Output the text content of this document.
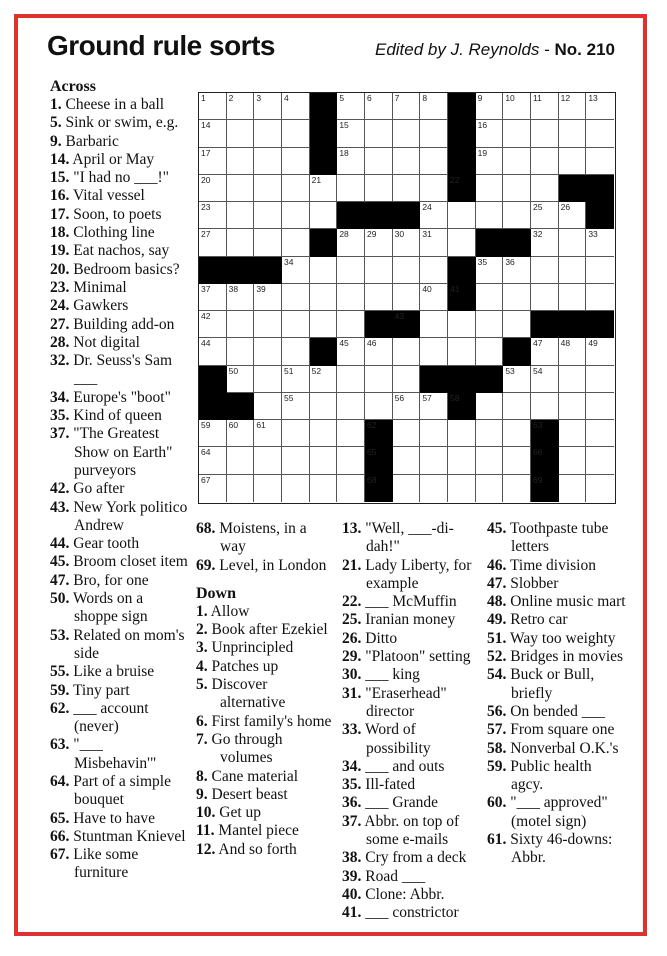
Ground rule sorts	Edited by J. Reynolds - No. 210
Across
1. Cheese in a ball
5. Sink or swim, e.g.
9. Barbaric
14. April or May
15. "I had no ___!"
16. Vital vessel
17. Soon, to poets
18. Clothing line
19. Eat nachos, say
20. Bedroom basics?
23. Minimal
24. Gawkers
27. Building add-on
28. Not digital
32. Dr. Seuss's Sam ___
34. Europe's "boot"
35. Kind of queen
37. "The Greatest Show on Earth" purveyors
42. Go after
43. New York politico Andrew
44. Gear tooth
45. Broom closet item
47. Bro, for one
50. Words on a shoppe sign
53. Related on mom's side
55. Like a bruise
59. Tiny part
62. ___ account (never)
63. "___ Misbehavin'"
64. Part of a simple bouquet
65. Have to have
66. Stuntman Knievel
67. Like some furniture
1	2	3	4	5	6	7	8	9	10 11 12 13
14	15	16
17	18	19
20	21	22
23	24	25 26
27	28 29 30 31	32	33
34	35 36
37 38 39	40 41
42	43
44	45 46	47 48 49
50	51 52	53 54
55	56 57 58
59 60 61	62	63
64	65	66
67	68	69
68. Moistens, in a way
69. Level, in London
Down
1. Allow
2. Book after Ezekiel
3. Unprincipled
4. Patches up
5. Discover alternative
6. First family's home
7. Go through volumes
8. Cane material
9. Desert beast
10. Get up
11. Mantel piece
12. And so forth
13. "Well, ___-di-dah!"
21. Lady Liberty, for example
22. ___ McMuffin
25. Iranian money
26. Ditto
29. "Platoon" setting
30. ___ king
31. "Eraserhead" director
33. Word of possibility
34. ___ and outs
35. Ill-fated
36. ___ Grande
37. Abbr. on top of some e-mails
38. Cry from a deck
39. Road ___
40. Clone: Abbr.
41. ___ constrictor
45. Toothpaste tube letters
46. Time division
47. Slobber
48. Online music mart
49. Retro car
51. Way too weighty
52. Bridges in movies
54. Buck or Bull, briefly
56. On bended ___
57. From square one
58. Nonverbal O.K.'s
59. Public health agcy.
60. "___ approved" (motel sign)
61. Sixty 46-downs: Abbr.
